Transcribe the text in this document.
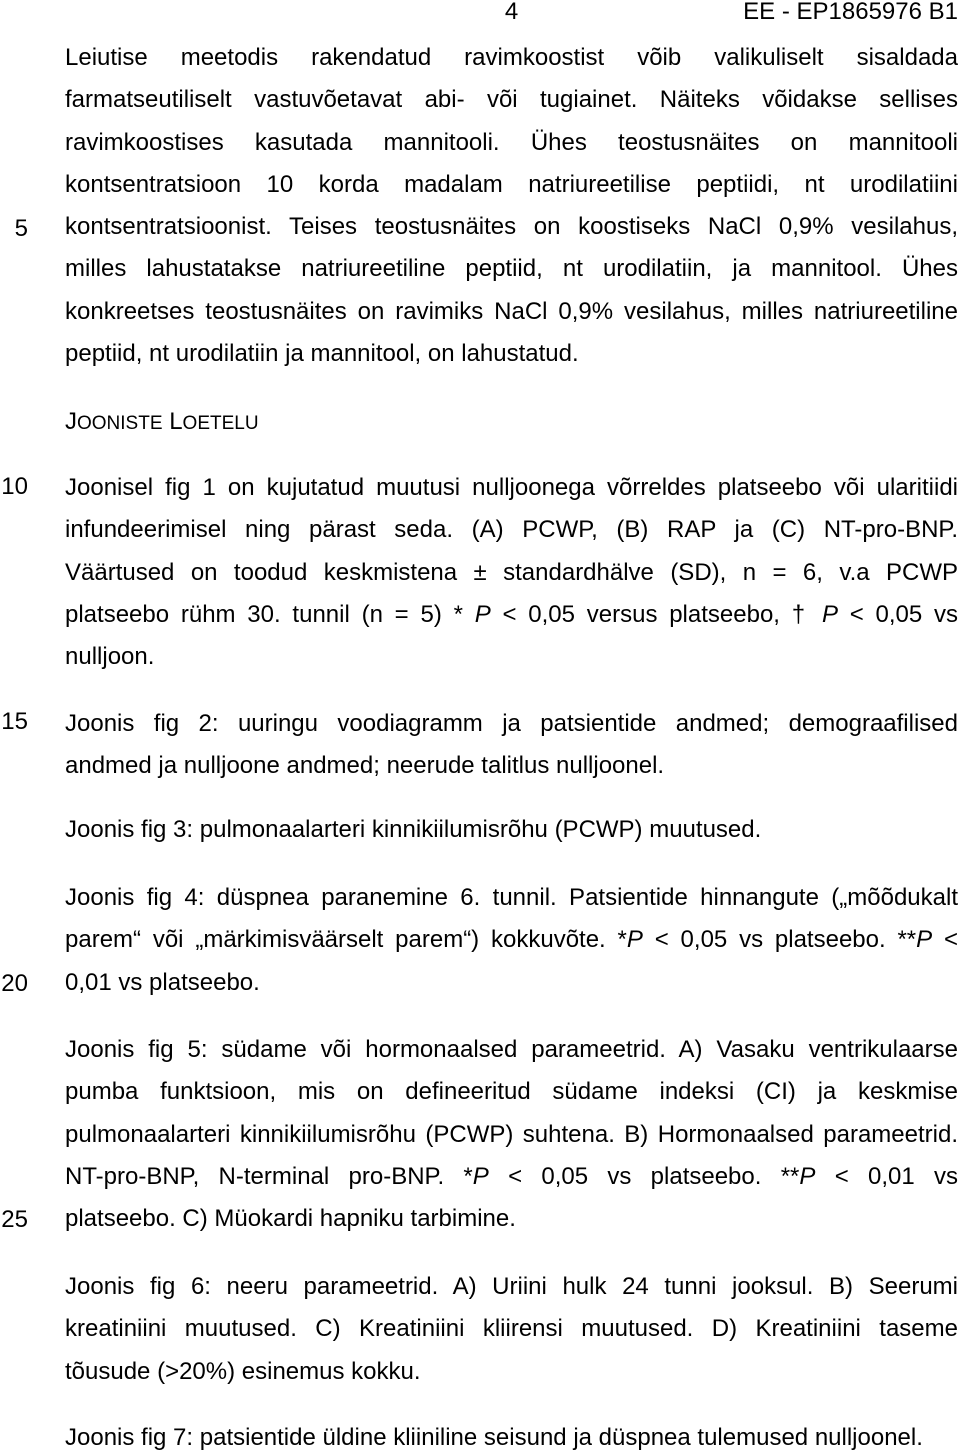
4	EE - EP1865976 B1
5
10
15
20
25
Leiutise meetodis rakendatud ravimkoostist võib valikuliselt sisaldada
farmatseutiliselt vastuvõetavat abi- või tugiainet. Näiteks võidakse sellises
ravimkoostises kasutada mannitooli. Ühes teostusnäites on mannitooli
kontsentratsioon 10 korda madalam natriureetilise peptiidi, nt urodilatiini
kontsentratsioonist. Teises teostusnäites on koostiseks NaCl 0,9% vesilahus,
milles lahustatakse natriureetiline peptiid, nt urodilatiin, ja mannitool. Ühes
konkreetses teostusnäites on ravimiks NaCl 0,9% vesilahus, milles natriureetiline
peptiid, nt urodilatiin ja mannitool, on lahustatud.
JOONISTE LOETELU
Joonisel fig 1 on kujutatud muutusi nulljoonega võrreldes platseebo või ularitiidi
infundeerimisel ning pärast seda. (A) PCWP, (B) RAP ja (C) NT-pro-BNP.
Väärtused on toodud keskmistena ± standardhälve (SD), n = 6, v.a PCWP
platseebo rühm 30. tunnil (n = 5) * P < 0,05 versus platseebo, † P < 0,05 vs
nulljoon.
Joonis fig 2: uuringu voodiagramm ja patsientide andmed; demograafilised
andmed ja nulljoone andmed; neerude talitlus nulljoonel.
Joonis fig 3: pulmonaalarteri kinnikiilumisrõhu (PCWP) muutused.
Joonis fig 4: düspnea paranemine 6. tunnil. Patsientide hinnangute („mõõdukalt
parem“ või „märkimisväärselt parem“) kokkuvõte. *P < 0,05 vs platseebo. **P <
0,01 vs platseebo.
Joonis fig 5: südame või hormonaalsed parameetrid. A) Vasaku ventrikulaarse
pumba funktsioon, mis on defineeritud südame indeksi (CI) ja keskmise
pulmonaalarteri kinnikiilumisrõhu (PCWP) suhtena. B) Hormonaalsed parameetrid.
NT-pro-BNP, N-terminal pro-BNP. *P < 0,05 vs platseebo. **P < 0,01 vs
platseebo. C) Müokardi hapniku tarbimine.
Joonis fig 6: neeru parameetrid. A) Uriini hulk 24 tunni jooksul. B) Seerumi
kreatiniini muutused. C) Kreatiniini kliirensi muutused. D) Kreatiniini taseme
tõusude (>20%) esinemus kokku.
Joonis fig 7: patsientide üldine kliiniline seisund ja düspnea tulemused nulljoonel.
